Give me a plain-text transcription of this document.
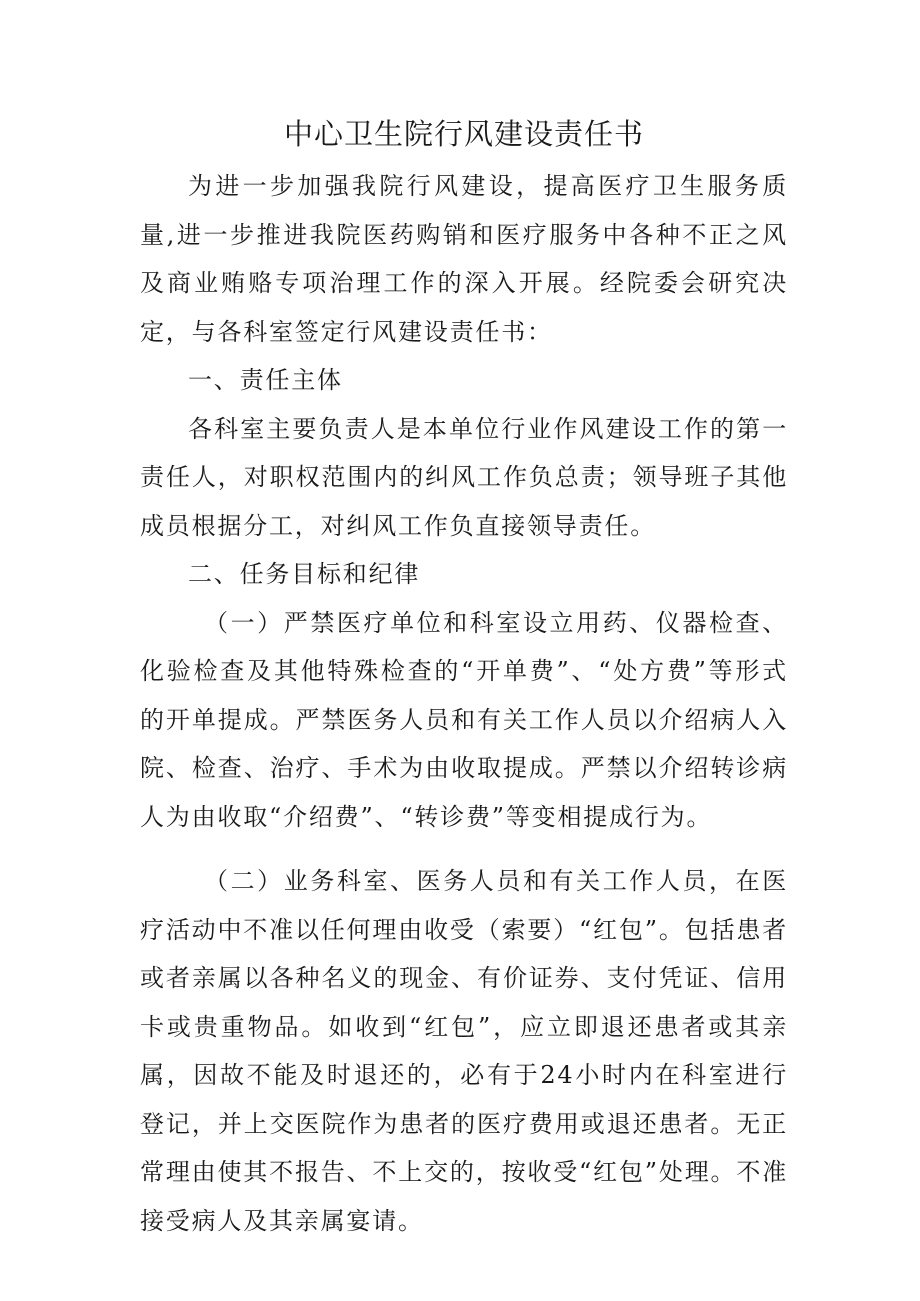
中心卫生院行风建设责任书

为进一步加强我院行风建设，提高医疗卫生服务质量,进一步推进我院医药购销和医疗服务中各种不正之风及商业贿赂专项治理工作的深入开展。经院委会研究决定，与各科室签定行风建设责任书：

一、责任主体

各科室主要负责人是本单位行业作风建设工作的第一责任人，对职权范围内的纠风工作负总责；领导班子其他成员根据分工，对纠风工作负直接领导责任。

二、任务目标和纪律

（一）严禁医疗单位和科室设立用药、仪器检查、化验检查及其他特殊检查的“开单费”、“处方费”等形式的开单提成。严禁医务人员和有关工作人员以介绍病人入院、检查、治疗、手术为由收取提成。严禁以介绍转诊病人为由收取“介绍费”、“转诊费”等变相提成行为。

（二）业务科室、医务人员和有关工作人员，在医疗活动中不准以任何理由收受（索要）“红包”。包括患者或者亲属以各种名义的现金、有价证券、支付凭证、信用卡或贵重物品。如收到“红包”，应立即退还患者或其亲属，因故不能及时退还的，必有于24小时内在科室进行登记，并上交医院作为患者的医疗费用或退还患者。无正常理由使其不报告、不上交的，按收受“红包”处理。不准接受病人及其亲属宴请。
